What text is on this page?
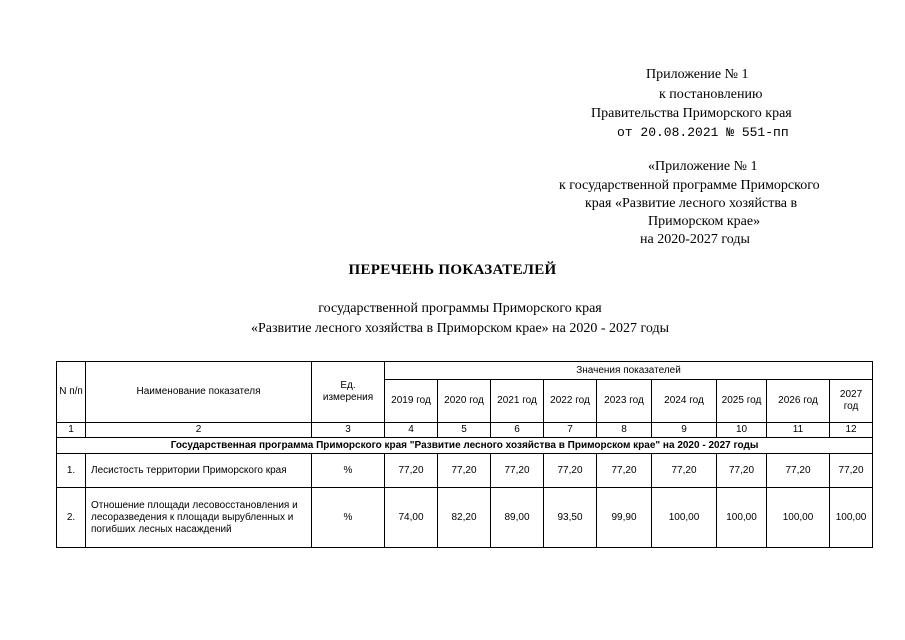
Приложение № 1
к постановлению
Правительства Приморского края
от 20.08.2021 № 551-пп
«Приложение № 1
к государственной программе Приморского
края «Развитие лесного хозяйства в
Приморском крае»
на 2020-2027 годы
ПЕРЕЧЕНЬ ПОКАЗАТЕЛЕЙ
государственной программы Приморского края
«Развитие лесного хозяйства в Приморском крае» на 2020 - 2027 годы
N п/п	Наименование показателя	Ед. измерения	Значения показателей								
			2019 год	2020 год	2021 год	2022 год	2023 год	2024 год	2025 год	2026 год	2027 год
1	2	3	4	5	6	7	8	9	10	11	12
Государственная программа Приморского края "Развитие лесного хозяйства в Приморском крае" на 2020 - 2027 годы											
1.	Лесистость территории Приморского края	%	77,20	77,20	77,20	77,20	77,20	77,20	77,20	77,20	77,20
2.	Отношение площади лесовосстановления и лесоразведения к площади вырубленных и погибших лесных насаждений	%	74,00	82,20	89,00	93,50	99,90	100,00	100,00	100,00	100,00
